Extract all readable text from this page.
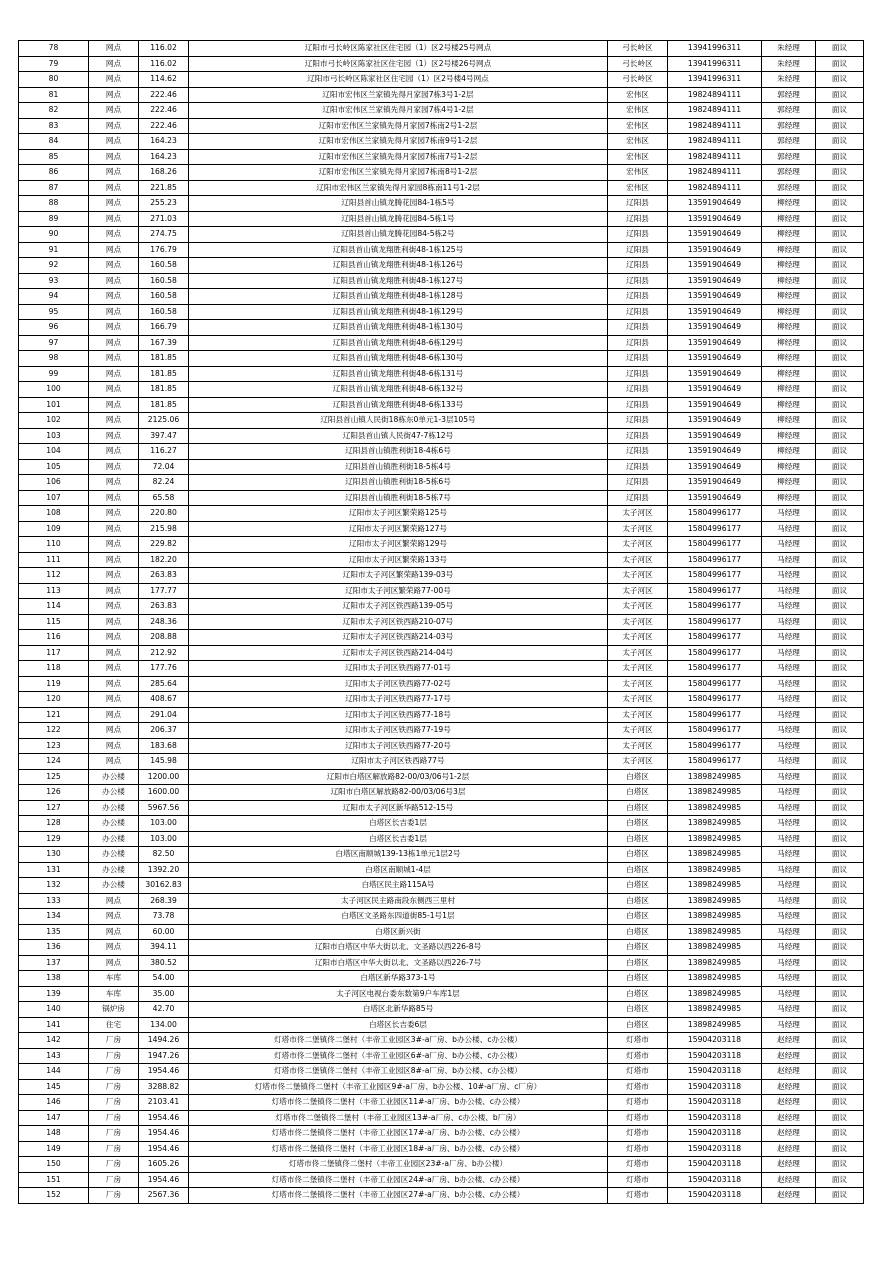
78	网点	116.02	辽阳市弓长岭区陈家社区住宅园（1）区2号楼25号网点	弓长岭区	13941996311	朱经理	面议
79	网点	116.02	辽阳市弓长岭区陈家社区住宅园（1）区2号楼26号网点	弓长岭区	13941996311	朱经理	面议
80	网点	114.62	辽阳市弓长岭区陈家社区住宅园（1）区2号楼4号网点	弓长岭区	13941996311	朱经理	面议
81	网点	222.46	辽阳市宏伟区兰家镇先得月家园7栋3号1-2层	宏伟区	19824894111	郭经理	面议
82	网点	222.46	辽阳市宏伟区兰家镇先得月家园7栋4号1-2层	宏伟区	19824894111	郭经理	面议
83	网点	222.46	辽阳市宏伟区兰家镇先得月家园7栋南2号1-2层	宏伟区	19824894111	郭经理	面议
84	网点	164.23	辽阳市宏伟区兰家镇先得月家园7栋南9号1-2层	宏伟区	19824894111	郭经理	面议
85	网点	164.23	辽阳市宏伟区兰家镇先得月家园7栋南7号1-2层	宏伟区	19824894111	郭经理	面议
86	网点	168.26	辽阳市宏伟区兰家镇先得月家园7栋南8号1-2层	宏伟区	19824894111	郭经理	面议
87	网点	221.85	辽阳市宏伟区兰家镇先得月家园8栋南11号1-2层	宏伟区	19824894111	郭经理	面议
88	网点	255.23	辽阳县首山镇龙腾花园84-1栋5号	辽阳县	13591904649	柳经理	面议
89	网点	271.03	辽阳县首山镇龙腾花园84-5栋1号	辽阳县	13591904649	柳经理	面议
90	网点	274.75	辽阳县首山镇龙腾花园84-5栋2号	辽阳县	13591904649	柳经理	面议
91	网点	176.79	辽阳县首山镇龙翔胜利街48-1栋125号	辽阳县	13591904649	柳经理	面议
92	网点	160.58	辽阳县首山镇龙翔胜利街48-1栋126号	辽阳县	13591904649	柳经理	面议
93	网点	160.58	辽阳县首山镇龙翔胜利街48-1栋127号	辽阳县	13591904649	柳经理	面议
94	网点	160.58	辽阳县首山镇龙翔胜利街48-1栋128号	辽阳县	13591904649	柳经理	面议
95	网点	160.58	辽阳县首山镇龙翔胜利街48-1栋129号	辽阳县	13591904649	柳经理	面议
96	网点	166.79	辽阳县首山镇龙翔胜利街48-1栋130号	辽阳县	13591904649	柳经理	面议
97	网点	167.39	辽阳县首山镇龙翔胜利街48-6栋129号	辽阳县	13591904649	柳经理	面议
98	网点	181.85	辽阳县首山镇龙翔胜利街48-6栋130号	辽阳县	13591904649	柳经理	面议
99	网点	181.85	辽阳县首山镇龙翔胜利街48-6栋131号	辽阳县	13591904649	柳经理	面议
100	网点	181.85	辽阳县首山镇龙翔胜利街48-6栋132号	辽阳县	13591904649	柳经理	面议
101	网点	181.85	辽阳县首山镇龙翔胜利街48-6栋133号	辽阳县	13591904649	柳经理	面议
102	网点	2125.06	辽阳县首山镇人民街18栋东0单元1-3层105号	辽阳县	13591904649	柳经理	面议
103	网点	397.47	辽阳县首山镇人民街47-7栋12号	辽阳县	13591904649	柳经理	面议
104	网点	116.27	辽阳县首山镇胜利街18-4栋6号	辽阳县	13591904649	柳经理	面议
105	网点	72.04	辽阳县首山镇胜利街18-5栋4号	辽阳县	13591904649	柳经理	面议
106	网点	82.24	辽阳县首山镇胜利街18-5栋6号	辽阳县	13591904649	柳经理	面议
107	网点	65.58	辽阳县首山镇胜利街18-5栋7号	辽阳县	13591904649	柳经理	面议
108	网点	220.80	辽阳市太子河区繁荣路125号	太子河区	15804996177	马经理	面议
109	网点	215.98	辽阳市太子河区繁荣路127号	太子河区	15804996177	马经理	面议
110	网点	229.82	辽阳市太子河区繁荣路129号	太子河区	15804996177	马经理	面议
111	网点	182.20	辽阳市太子河区繁荣路133号	太子河区	15804996177	马经理	面议
112	网点	263.83	辽阳市太子河区繁荣路139-03号	太子河区	15804996177	马经理	面议
113	网点	177.77	辽阳市太子河区繁荣路77-00号	太子河区	15804996177	马经理	面议
114	网点	263.83	辽阳市太子河区铁西路139-05号	太子河区	15804996177	马经理	面议
115	网点	248.36	辽阳市太子河区铁西路210-07号	太子河区	15804996177	马经理	面议
116	网点	208.88	辽阳市太子河区铁西路214-03号	太子河区	15804996177	马经理	面议
117	网点	212.92	辽阳市太子河区铁西路214-04号	太子河区	15804996177	马经理	面议
118	网点	177.76	辽阳市太子河区铁西路77-01号	太子河区	15804996177	马经理	面议
119	网点	285.64	辽阳市太子河区铁西路77-02号	太子河区	15804996177	马经理	面议
120	网点	408.67	辽阳市太子河区铁西路77-17号	太子河区	15804996177	马经理	面议
121	网点	291.04	辽阳市太子河区铁西路77-18号	太子河区	15804996177	马经理	面议
122	网点	206.37	辽阳市太子河区铁西路77-19号	太子河区	15804996177	马经理	面议
123	网点	183.68	辽阳市太子河区铁西路77-20号	太子河区	15804996177	马经理	面议
124	网点	145.98	辽阳市太子河区铁西路77号	太子河区	15804996177	马经理	面议
125	办公楼	1200.00	辽阳市白塔区解放路82-00/03/06号1-2层	白塔区	13898249985	马经理	面议
126	办公楼	1600.00	辽阳市白塔区解放路82-00/03/06号3层	白塔区	13898249985	马经理	面议
127	办公楼	5967.56	辽阳市太子河区新华路512-15号	白塔区	13898249985	马经理	面议
128	办公楼	103.00	白塔区长吉委1层	白塔区	13898249985	马经理	面议
129	办公楼	103.00	白塔区长吉委1层	白塔区	13898249985	马经理	面议
130	办公楼	82.50	白塔区南顺城139-13栋1单元1层2号	白塔区	13898249985	马经理	面议
131	办公楼	1392.20	白塔区南顺城1-4层	白塔区	13898249985	马经理	面议
132	办公楼	30162.83	白塔区民主路115A号	白塔区	13898249985	马经理	面议
133	网点	268.39	太子河区民主路南段东侧西三里村	白塔区	13898249985	马经理	面议
134	网点	73.78	白塔区文圣路东四道街85-1号1层	白塔区	13898249985	马经理	面议
135	网点	60.00	白塔区新兴街	白塔区	13898249985	马经理	面议
136	网点	394.11	辽阳市白塔区中华大街以北、文圣路以西226-8号	白塔区	13898249985	马经理	面议
137	网点	380.52	辽阳市白塔区中华大街以北、文圣路以西226-7号	白塔区	13898249985	马经理	面议
138	车库	54.00	白塔区新华路373-1号	白塔区	13898249985	马经理	面议
139	车库	35.00	太子河区电视台委东数第9户车库1层	白塔区	13898249985	马经理	面议
140	锅炉房	42.70	白塔区北新华路85号	白塔区	13898249985	马经理	面议
141	住宅	134.00	白塔区长吉委6层	白塔区	13898249985	马经理	面议
142	厂房	1494.26	灯塔市佟二堡镇佟二堡村（丰帝工业园区3#-a厂房、b办公楼、c办公楼）	灯塔市	15904203118	赵经理	面议
143	厂房	1947.26	灯塔市佟二堡镇佟二堡村（丰帝工业园区6#-a厂房、b办公楼、c办公楼）	灯塔市	15904203118	赵经理	面议
144	厂房	1954.46	灯塔市佟二堡镇佟二堡村（丰帝工业园区8#-a厂房、b办公楼、c办公楼）	灯塔市	15904203118	赵经理	面议
145	厂房	3288.82	灯塔市佟二堡镇佟二堡村（丰帝工业园区9#-a厂房、b办公楼、10#-a厂房、c厂房）	灯塔市	15904203118	赵经理	面议
146	厂房	2103.41	灯塔市佟二堡镇佟二堡村（丰帝工业园区11#-a厂房、b办公楼、c办公楼）	灯塔市	15904203118	赵经理	面议
147	厂房	1954.46	灯塔市佟二堡镇佟二堡村（丰帝工业园区13#-a厂房、c办公楼、b厂房）	灯塔市	15904203118	赵经理	面议
148	厂房	1954.46	灯塔市佟二堡镇佟二堡村（丰帝工业园区17#-a厂房、b办公楼、c办公楼）	灯塔市	15904203118	赵经理	面议
149	厂房	1954.46	灯塔市佟二堡镇佟二堡村（丰帝工业园区18#-a厂房、b办公楼、c办公楼）	灯塔市	15904203118	赵经理	面议
150	厂房	1605.26	灯塔市佟二堡镇佟二堡村（丰帝工业园区23#-a厂房、b办公楼）	灯塔市	15904203118	赵经理	面议
151	厂房	1954.46	灯塔市佟二堡镇佟二堡村（丰帝工业园区24#-a厂房、b办公楼、c办公楼）	灯塔市	15904203118	赵经理	面议
152	厂房	2567.36	灯塔市佟二堡镇佟二堡村（丰帝工业园区27#-a厂房、b办公楼、c办公楼）	灯塔市	15904203118	赵经理	面议
